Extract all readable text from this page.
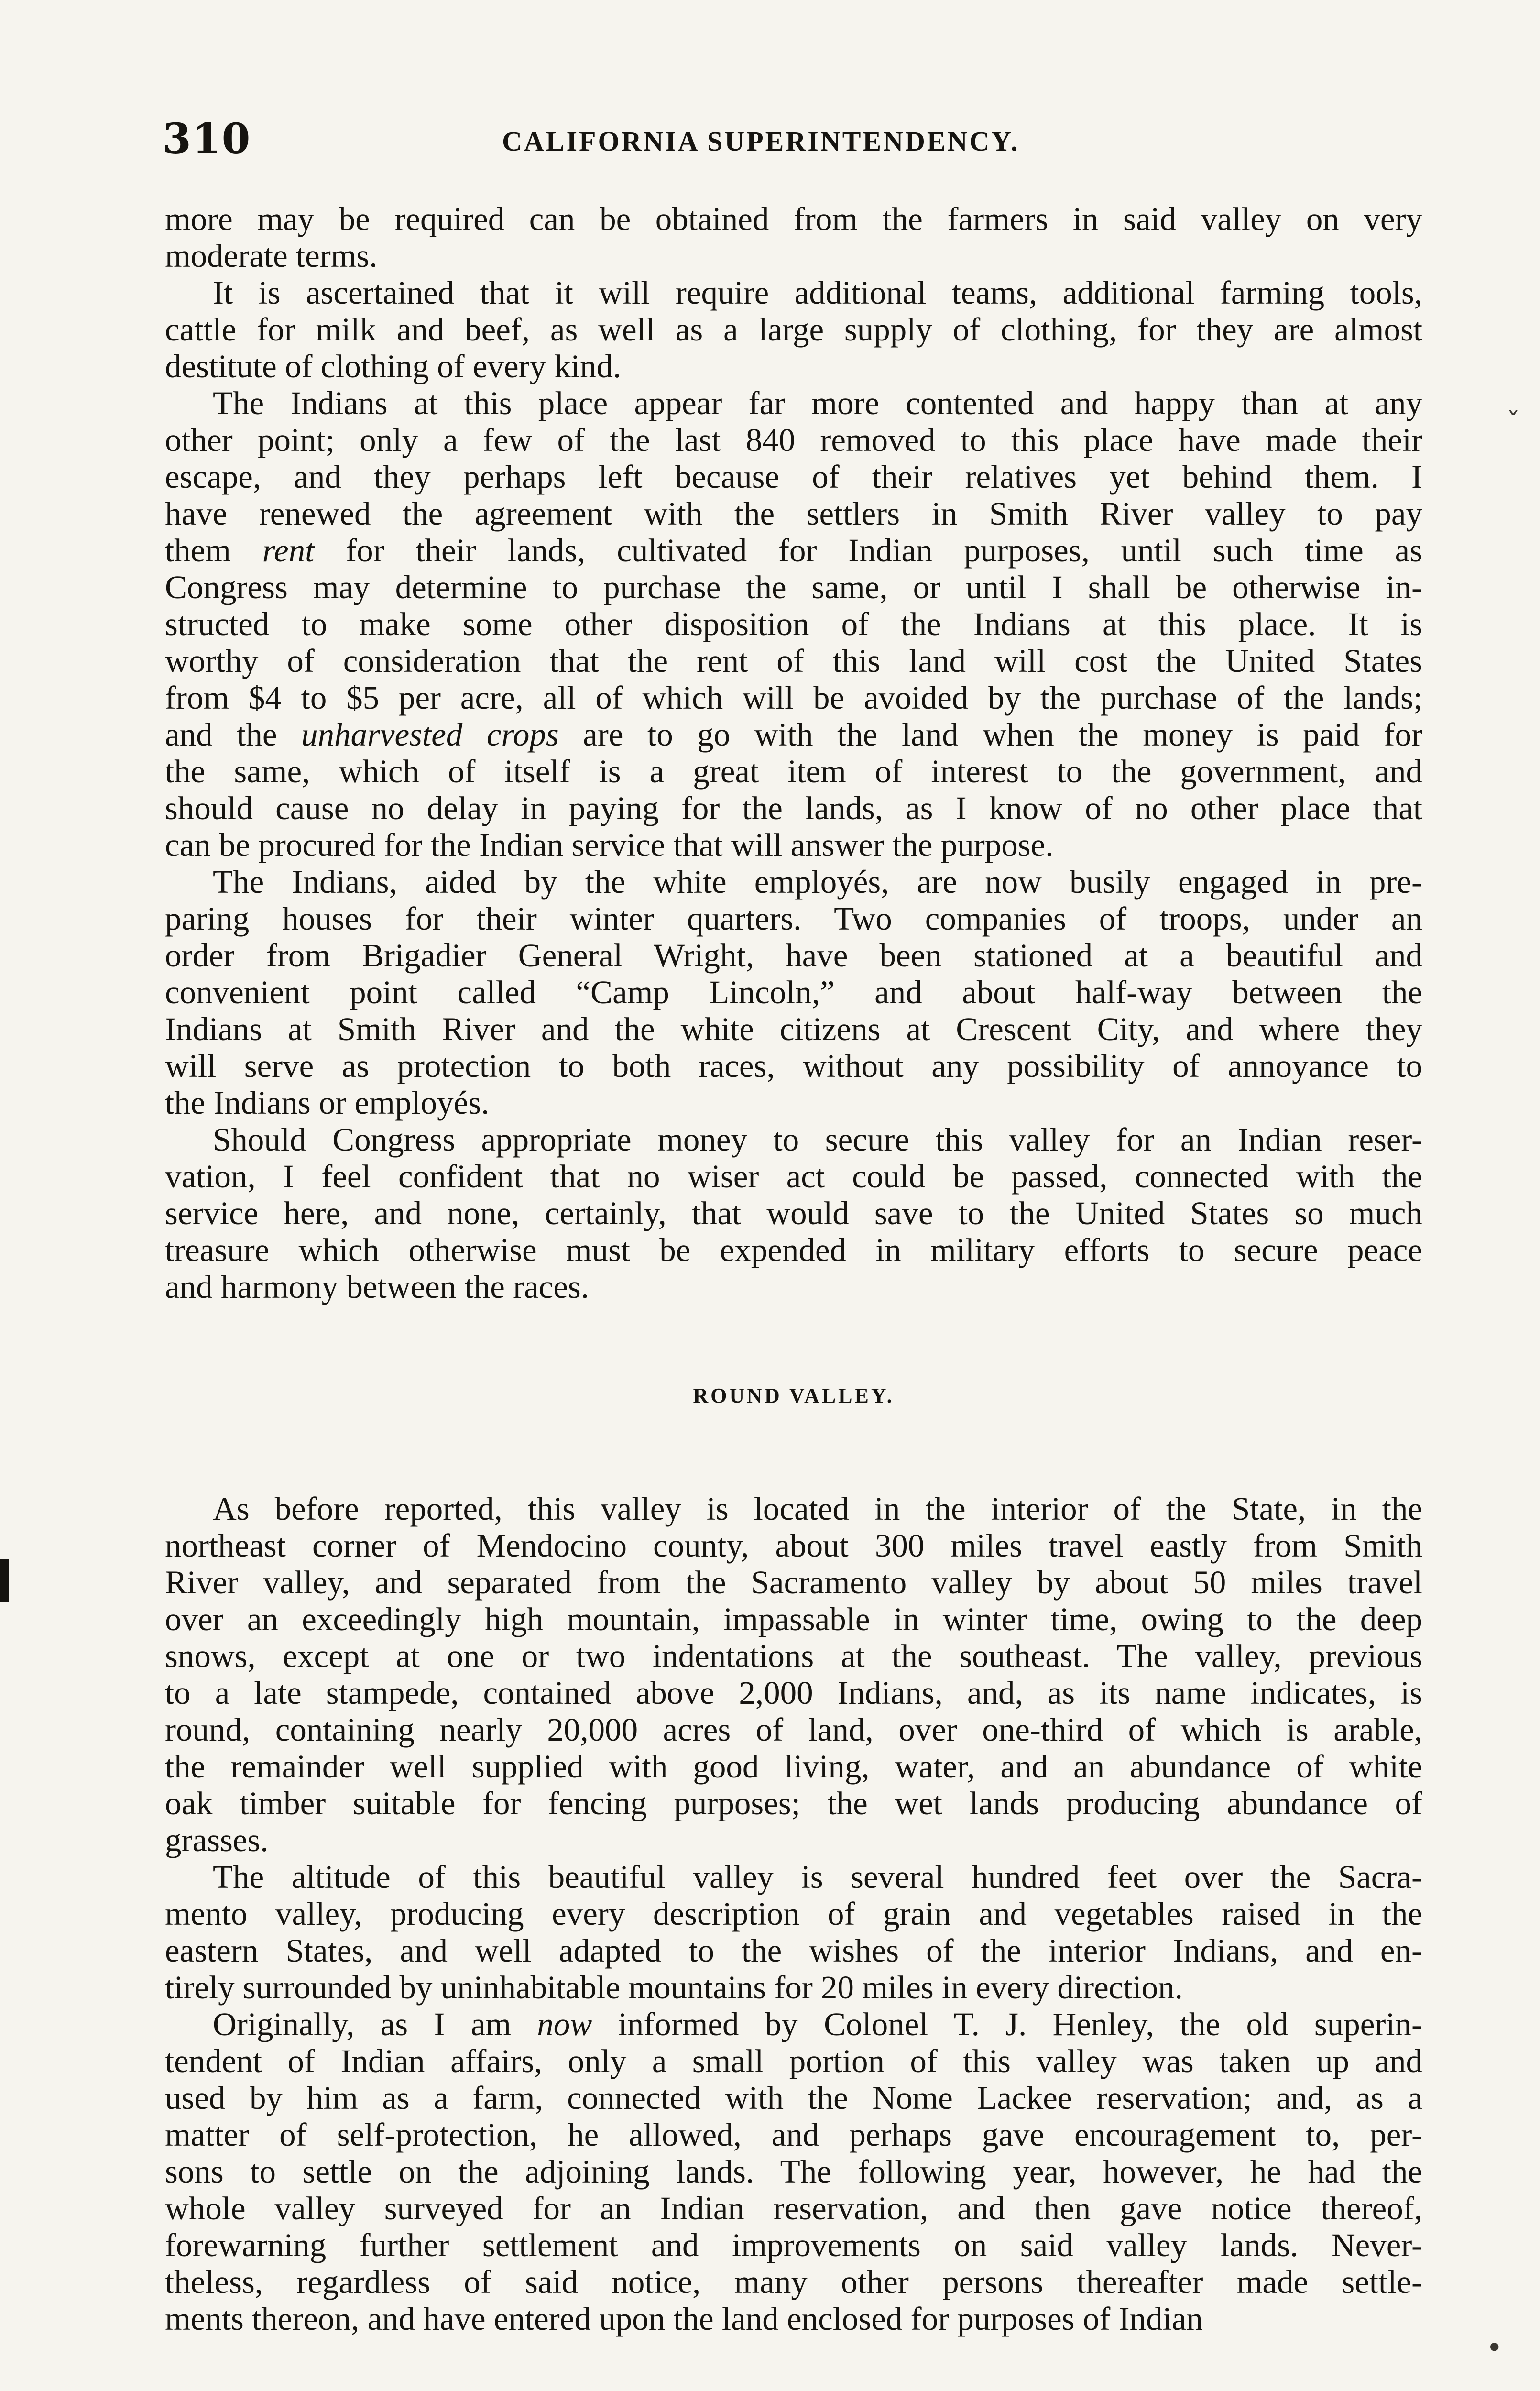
310	CALIFORNIA SUPERINTENDENCY.

more may be required can be obtained from the farmers in said valley on very
moderate terms.

It is ascertained that it will require additional teams, additional farming tools,
cattle for milk and beef, as well as a large supply of clothing, for they are almost
destitute of clothing of every kind.

The Indians at this place appear far more contented and happy than at any
other point; only a few of the last 840 removed to this place have made their
escape, and they perhaps left because of their relatives yet behind them. I
have renewed the agreement with the settlers in Smith River valley to pay
them rent for their lands, cultivated for Indian purposes, until such time as
Congress may determine to purchase the same, or until I shall be otherwise in-
structed to make some other disposition of the Indians at this place. It is
worthy of consideration that the rent of this land will cost the United States
from $4 to $5 per acre, all of which will be avoided by the purchase of the lands;
and the unharvested crops are to go with the land when the money is paid for
the same, which of itself is a great item of interest to the government, and
should cause no delay in paying for the lands, as I know of no other place that
can be procured for the Indian service that will answer the purpose.

The Indians, aided by the white employés, are now busily engaged in pre-
paring houses for their winter quarters. Two companies of troops, under an
order from Brigadier General Wright, have been stationed at a beautiful and
convenient point called “Camp Lincoln,” and about half-way between the
Indians at Smith River and the white citizens at Crescent City, and where they
will serve as protection to both races, without any possibility of annoyance to
the Indians or employés.

Should Congress appropriate money to secure this valley for an Indian reser-
vation, I feel confident that no wiser act could be passed, connected with the
service here, and none, certainly, that would save to the United States so much
treasure which otherwise must be expended in military efforts to secure peace
and harmony between the races.

ROUND VALLEY.

As before reported, this valley is located in the interior of the State, in the
northeast corner of Mendocino county, about 300 miles travel eastly from Smith
River valley, and separated from the Sacramento valley by about 50 miles travel
over an exceedingly high mountain, impassable in winter time, owing to the deep
snows, except at one or two indentations at the southeast. The valley, previous
to a late stampede, contained above 2,000 Indians, and, as its name indicates, is
round, containing nearly 20,000 acres of land, over one-third of which is arable,
the remainder well supplied with good living, water, and an abundance of white
oak timber suitable for fencing purposes; the wet lands producing abundance of
grasses.

The altitude of this beautiful valley is several hundred feet over the Sacra-
mento valley, producing every description of grain and vegetables raised in the
eastern States, and well adapted to the wishes of the interior Indians, and en-
tirely surrounded by uninhabitable mountains for 20 miles in every direction.

Originally, as I am now informed by Colonel T. J. Henley, the old superin-
tendent of Indian affairs, only a small portion of this valley was taken up and
used by him as a farm, connected with the Nome Lackee reservation; and, as a
matter of self-protection, he allowed, and perhaps gave encouragement to, per-
sons to settle on the adjoining lands. The following year, however, he had the
whole valley surveyed for an Indian reservation, and then gave notice thereof,
forewarning further settlement and improvements on said valley lands. Never-
theless, regardless of said notice, many other persons thereafter made settle-
ments thereon, and have entered upon the land enclosed for purposes of Indian

ˇ
•
